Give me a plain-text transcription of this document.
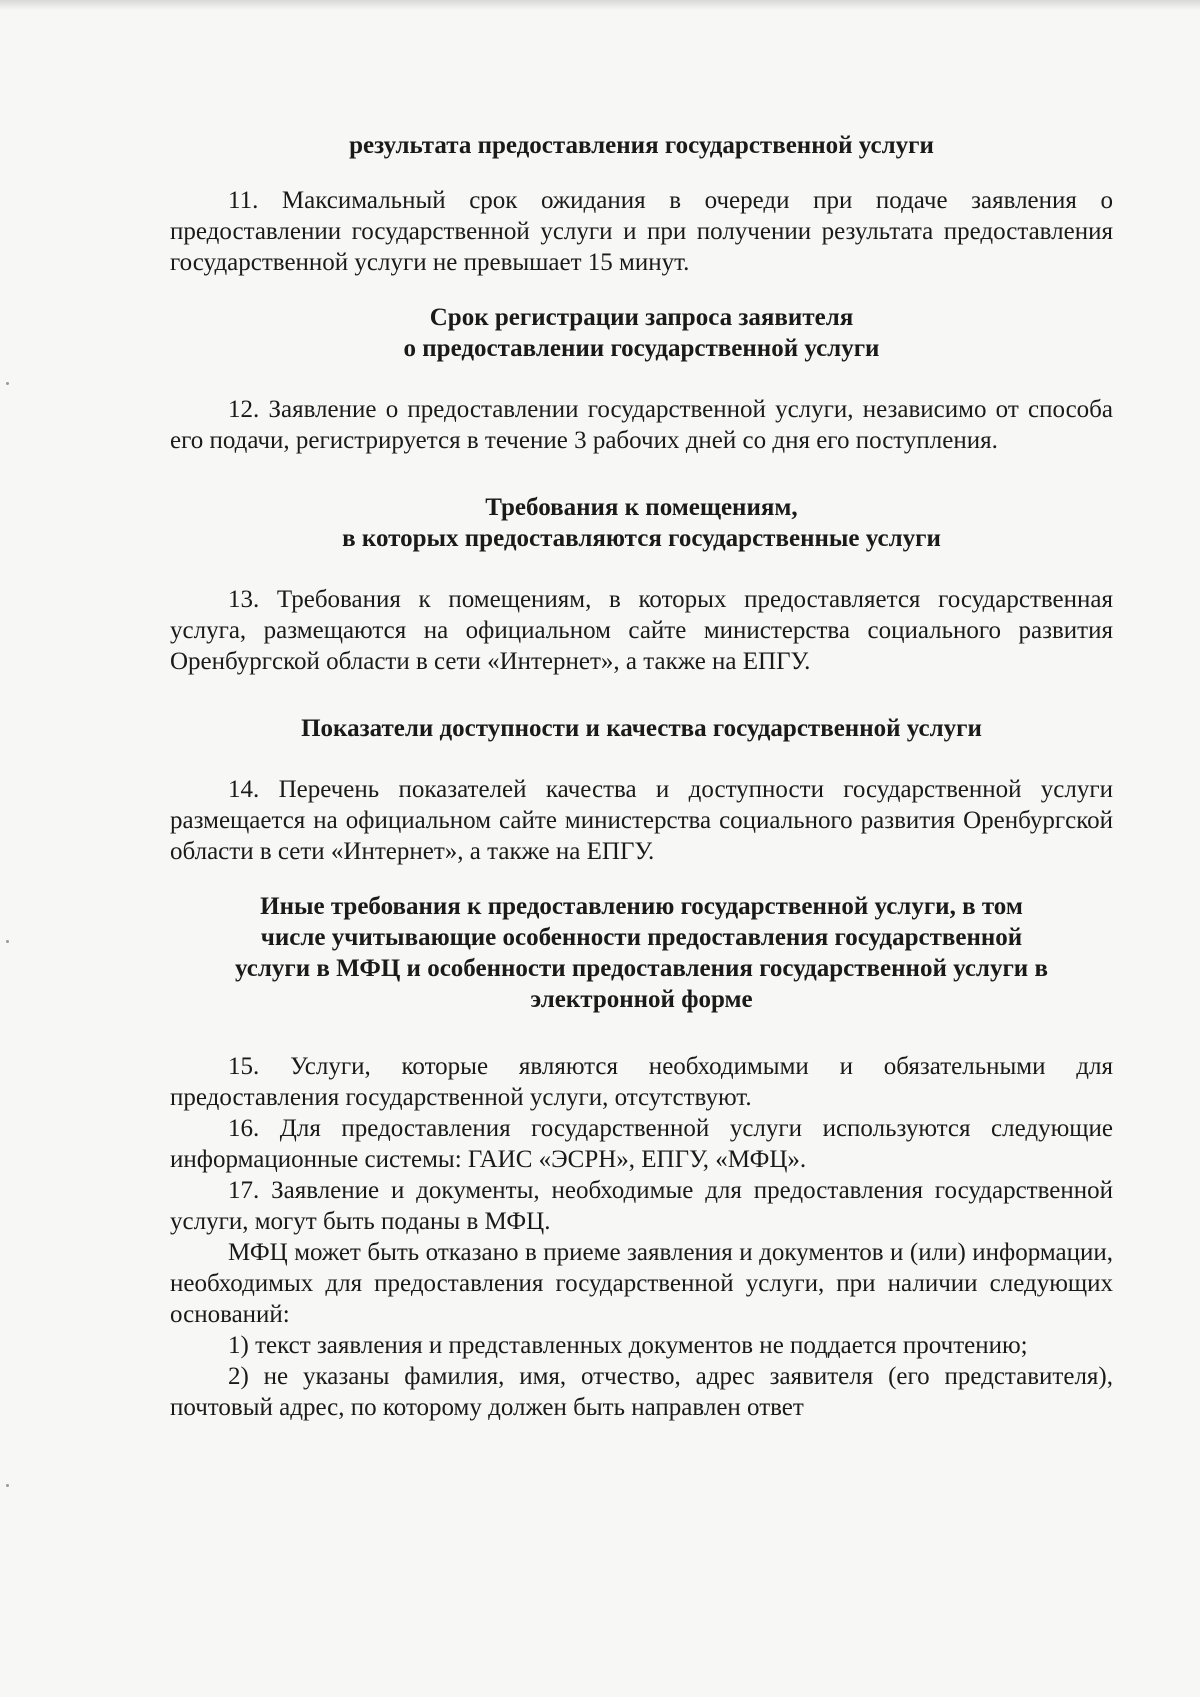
результата предоставления государственной услуги

11. Максимальный срок ожидания в очереди при подаче заявления о предоставлении государственной услуги и при получении результата предоставления государственной услуги не превышает 15 минут.

Срок регистрации запроса заявителя

о предоставлении государственной услуги

12. Заявление о предоставлении государственной услуги, независимо от способа его подачи, регистрируется в течение 3 рабочих дней со дня его поступления.

Требования к помещениям,

в которых предоставляются государственные услуги

13. Требования к помещениям, в которых предоставляется государственная услуга, размещаются на официальном сайте министерства социального развития Оренбургской области в сети «Интернет», а также на ЕПГУ.

Показатели доступности и качества государственной услуги

14. Перечень показателей качества и доступности государственной услуги размещается на официальном сайте министерства социального развития Оренбургской области в сети «Интернет», а также на ЕПГУ.

Иные требования к предоставлению государственной услуги, в том

числе учитывающие особенности предоставления государственной

услуги в МФЦ и особенности предоставления государственной услуги в

электронной форме

15. Услуги, которые являются необходимыми и обязательными для предоставления государственной услуги, отсутствуют.

16. Для предоставления государственной услуги используются следующие информационные системы: ГАИС «ЭСРН», ЕПГУ, «МФЦ».

17. Заявление и документы, необходимые для предоставления государственной услуги, могут быть поданы в МФЦ.

МФЦ может быть отказано в приеме заявления и документов и (или) информации, необходимых для предоставления государственной услуги, при наличии следующих оснований:

1) текст заявления и представленных документов не поддается прочтению;

2) не указаны фамилия, имя, отчество, адрес заявителя (его представителя), почтовый адрес, по которому должен быть направлен ответ
